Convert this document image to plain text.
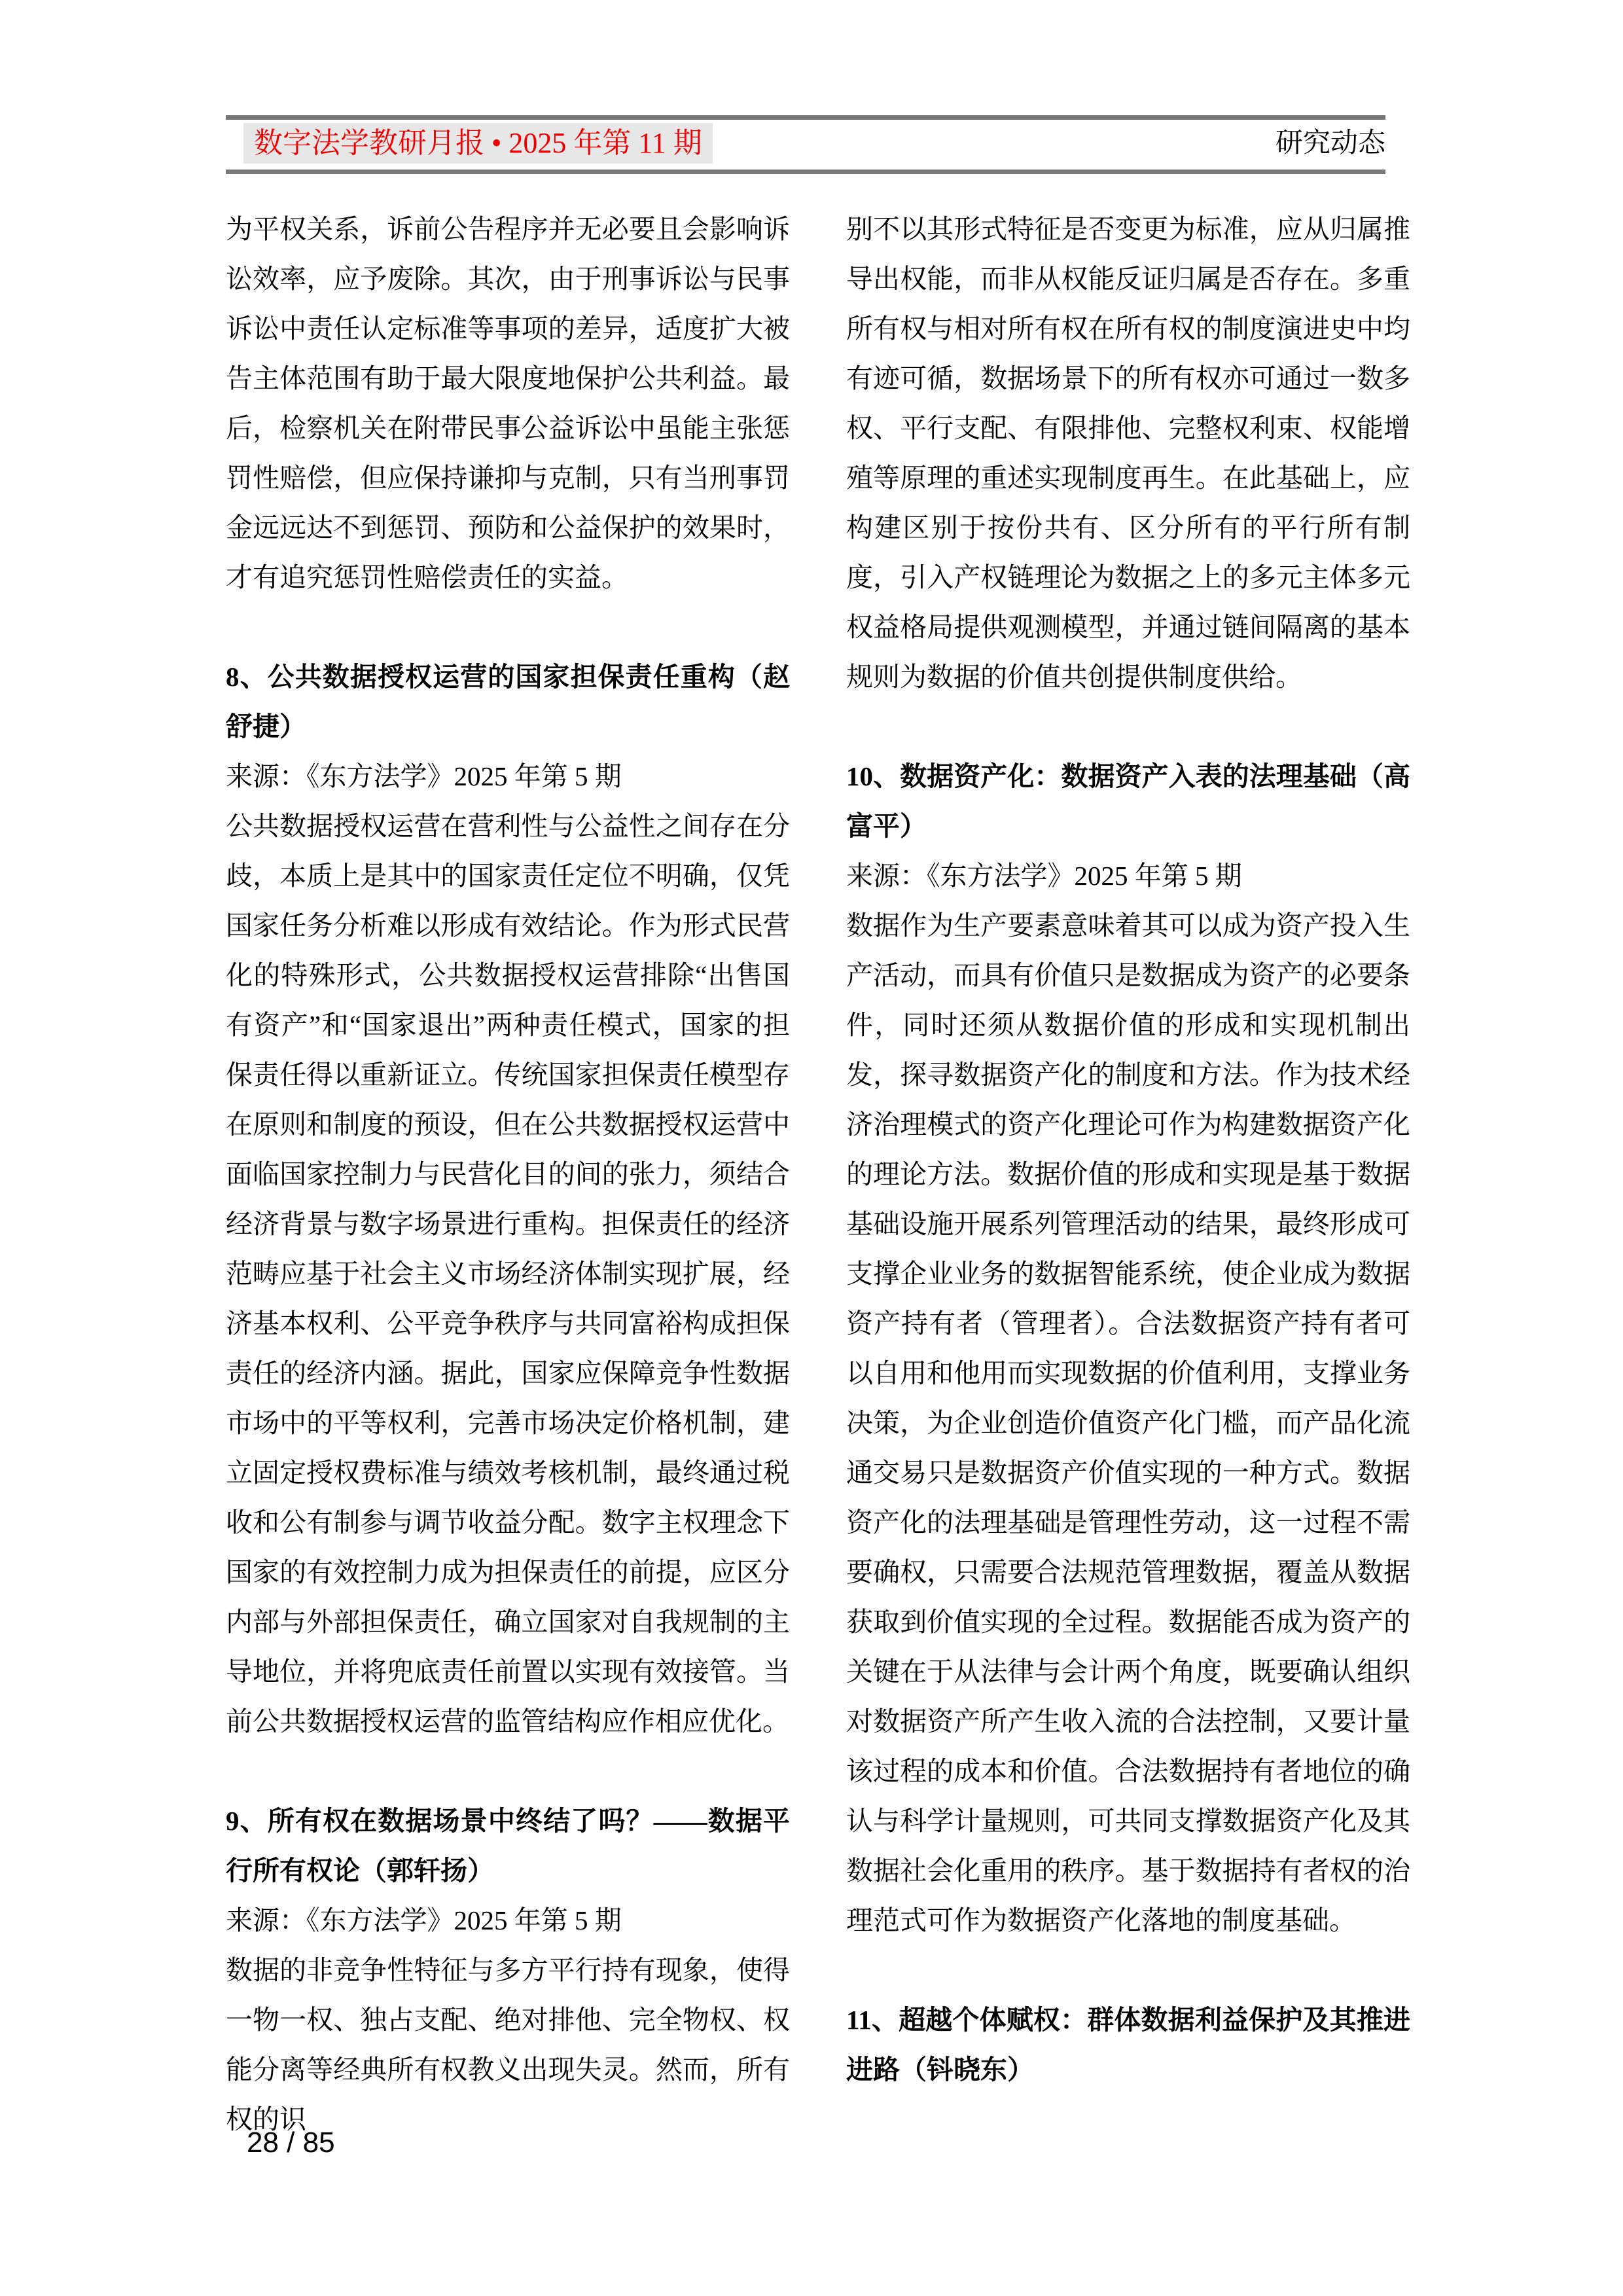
数字法学教研月报 • 2025 年第 11 期	研究动态

为平权关系，诉前公告程序并无必要且会影响诉讼效率，应予废除。其次，由于刑事诉讼与民事诉讼中责任认定标准等事项的差异，适度扩大被告主体范围有助于最大限度地保护公共利益。最后，检察机关在附带民事公益诉讼中虽能主张惩罚性赔偿，但应保持谦抑与克制，只有当刑事罚金远远达不到惩罚、预防和公益保护的效果时，才有追究惩罚性赔偿责任的实益。

8、公共数据授权运营的国家担保责任重构（赵舒捷）

来源：《东方法学》2025 年第 5 期

公共数据授权运营在营利性与公益性之间存在分歧，本质上是其中的国家责任定位不明确，仅凭国家任务分析难以形成有效结论。作为形式民营化的特殊形式，公共数据授权运营排除“出售国有资产”和“国家退出”两种责任模式，国家的担保责任得以重新证立。传统国家担保责任模型存在原则和制度的预设，但在公共数据授权运营中面临国家控制力与民营化目的间的张力，须结合经济背景与数字场景进行重构。担保责任的经济范畴应基于社会主义市场经济体制实现扩展，经济基本权利、公平竞争秩序与共同富裕构成担保责任的经济内涵。据此，国家应保障竞争性数据市场中的平等权利，完善市场决定价格机制，建立固定授权费标准与绩效考核机制，最终通过税收和公有制参与调节收益分配。数字主权理念下国家的有效控制力成为担保责任的前提，应区分内部与外部担保责任，确立国家对自我规制的主导地位，并将兜底责任前置以实现有效接管。当前公共数据授权运营的监管结构应作相应优化。

9、所有权在数据场景中终结了吗？——数据平行所有权论（郭轩扬）

来源：《东方法学》2025 年第 5 期

数据的非竞争性特征与多方平行持有现象，使得一物一权、独占支配、绝对排他、完全物权、权能分离等经典所有权教义出现失灵。然而，所有权的识

别不以其形式特征是否变更为标准，应从归属推导出权能，而非从权能反证归属是否存在。多重所有权与相对所有权在所有权的制度演进史中均有迹可循，数据场景下的所有权亦可通过一数多权、平行支配、有限排他、完整权利束、权能增殖等原理的重述实现制度再生。在此基础上，应构建区别于按份共有、区分所有的平行所有制度，引入产权链理论为数据之上的多元主体多元权益格局提供观测模型，并通过链间隔离的基本规则为数据的价值共创提供制度供给。

10、数据资产化：数据资产入表的法理基础（高富平）

来源：《东方法学》2025 年第 5 期

数据作为生产要素意味着其可以成为资产投入生产活动，而具有价值只是数据成为资产的必要条件，同时还须从数据价值的形成和实现机制出发，探寻数据资产化的制度和方法。作为技术经济治理模式的资产化理论可作为构建数据资产化的理论方法。数据价值的形成和实现是基于数据基础设施开展系列管理活动的结果，最终形成可支撑企业业务的数据智能系统，使企业成为数据资产持有者（管理者）。合法数据资产持有者可以自用和他用而实现数据的价值利用，支撑业务决策，为企业创造价值资产化门槛，而产品化流通交易只是数据资产价值实现的一种方式。数据资产化的法理基础是管理性劳动，这一过程不需要确权，只需要合法规范管理数据，覆盖从数据获取到价值实现的全过程。数据能否成为资产的关键在于从法律与会计两个角度，既要确认组织对数据资产所产生收入流的合法控制，又要计量该过程的成本和价值。合法数据持有者地位的确认与科学计量规则，可共同支撑数据资产化及其数据社会化重用的秩序。基于数据持有者权的治理范式可作为数据资产化落地的制度基础。

11、超越个体赋权：群体数据利益保护及其推进进路（钭晓东）
28 / 85
